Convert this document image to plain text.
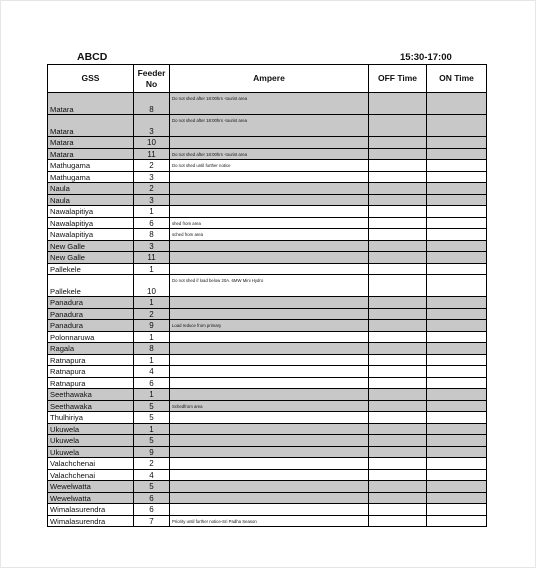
ABCD	15:30-17:00
GSS	Feeder No	Ampere	OFF Time	ON Time
Matara	8	Do not shed after 18:00hrs -tourist area		
Matara	3	Do not shed after 18:00hrs -tourist area		
Matara	10			
Matara	11	Do not shed after 18:00hrs -tourist area		
Mathugama	2	Do not shed until further notice		
Mathugama	3			
Naula	2			
Naula	3			
Nawalapitiya	1			
Nawalapitiya	6	shed from area		
Nawalapitiya	8	sched from area		
New Galle	3			
New Galle	11			
Pallekele	1			
Pallekele	10	Do not shed if load below 20A. 6MW Mini Hydro		
Panadura	1			
Panadura	2			
Panadura	9	Load reduce from primary		
Polonnaruwa	1			
Ragala	8			
Ratnapura	1			
Ratnapura	4			
Ratnapura	6			
Seethawaka	1			
Seethawaka	5	Schedfrom area		
Thulhiriya	5			
Ukuwela	1			
Ukuwela	5			
Ukuwela	9			
Valachchenai	2			
Valachchenai	4			
Wewelwatta	5			
Wewelwatta	6			
Wimalasurendra	6			
Wimalasurendra	7	Priority until further notice-Sri Padha Season		
